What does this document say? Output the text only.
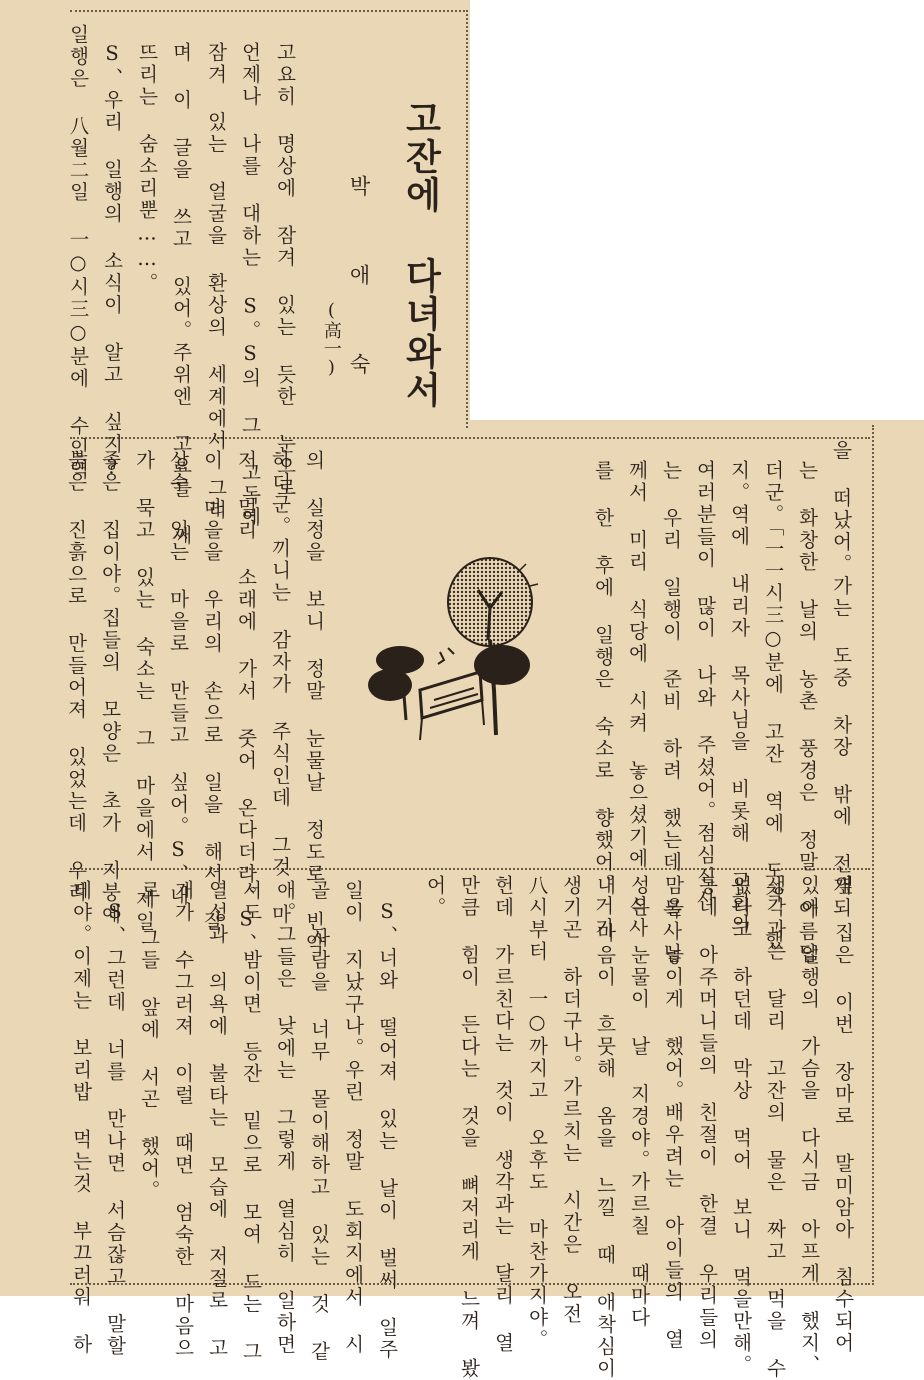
고잔에 다녀와서
박 애 숙
(高一)
고요히 명상에 잠겨 있는 듯한 눈으로
언제나 나를 대하는 S。S의 그 고독에
잠겨 있는 얼굴을 환상의 세계에서 그리
며 이 글을 쓰고 있어。주위엔 고요를 깨
뜨리는 숨소리뿐……。
S、우리 일행의 소식이 알고 싶지?
일행은 八월二일 一○시三○분에 수인역
을 떠났어。가는 도중 차장 밖에 전개되
는 화창한 날의 농촌 풍경은 정말 아름답
더군。「一一시三○분에 고잔 역에 도착 했
지。역에 내리자 목사님을 비롯해 교회의
여러분들이 많이 나와 주셨어。점심식사
는 우리 일행이 준비 하려 했는데 목사님
께서 미리 식당에 시켜 놓으셨기에 식사
를 한 후에 일행은 숙소로 향했어。거기
의 실정을 보니 정말 눈물날 정도로 빈약
하더군。끼니는 감자가 주식인데 그것 마
저 멀리 소래에 가서 줏어 온다더라。S、
이 마을을 우리의 손으로 일을 해서 잘
살수 있는 마을로 만들고 싶어。S、내
가 묵고 있는 숙소는 그 마을에서 제일
좋은 집이야。집들의 모양은 초가 지붕에
붉은 진흙으로 만들어져 있었는데 우리
옆 집은 이번 장마로 말미암아 침수되어
있어 일행의 가슴을 다시금 아프게 했지、
생각과는 달리 고잔의 물은 짜고 먹을 수
없다고 하던데 막상 먹어 보니 먹을만해。
동네 아주머니들의 친절이 한결 우리들의
맘을 놓이게 했어。배우려는 아이들의 열
성은 눈물이 날 지경야。가르칠 때마다
내 마음이 흐뭇해 옴을 느낄 때 애착심이
생기곤 하더구나。가르치는 시간은 오전
八시부터 一○까지고 오후도 마찬가지야。
헌데 가르친다는 것이 생각과는 달리 열
만큼 힘이 든다는 것을 뼈저리게 느껴 봤
어。
S、너와 떨어져 있는 날이 벌써 일주
일이 지났구나。우린 정말 도회지에서 시
골 사람을 너무 몰이해하고 있는 것 같
애。그들은 낮에는 그렇게 열심히 일하면
서도 밤이면 등잔 밑으로 모여 드는 그
열성과 의욕에 불타는 모습에 저절로 고
개가 수그러져 이럴 때면 엄숙한 마음으
로 그들 앞에 서곤 했어。
S、그런데 너를 만나면 서슴잖고 말할
테야。이제는 보리밥 먹는것 부끄러워 하
